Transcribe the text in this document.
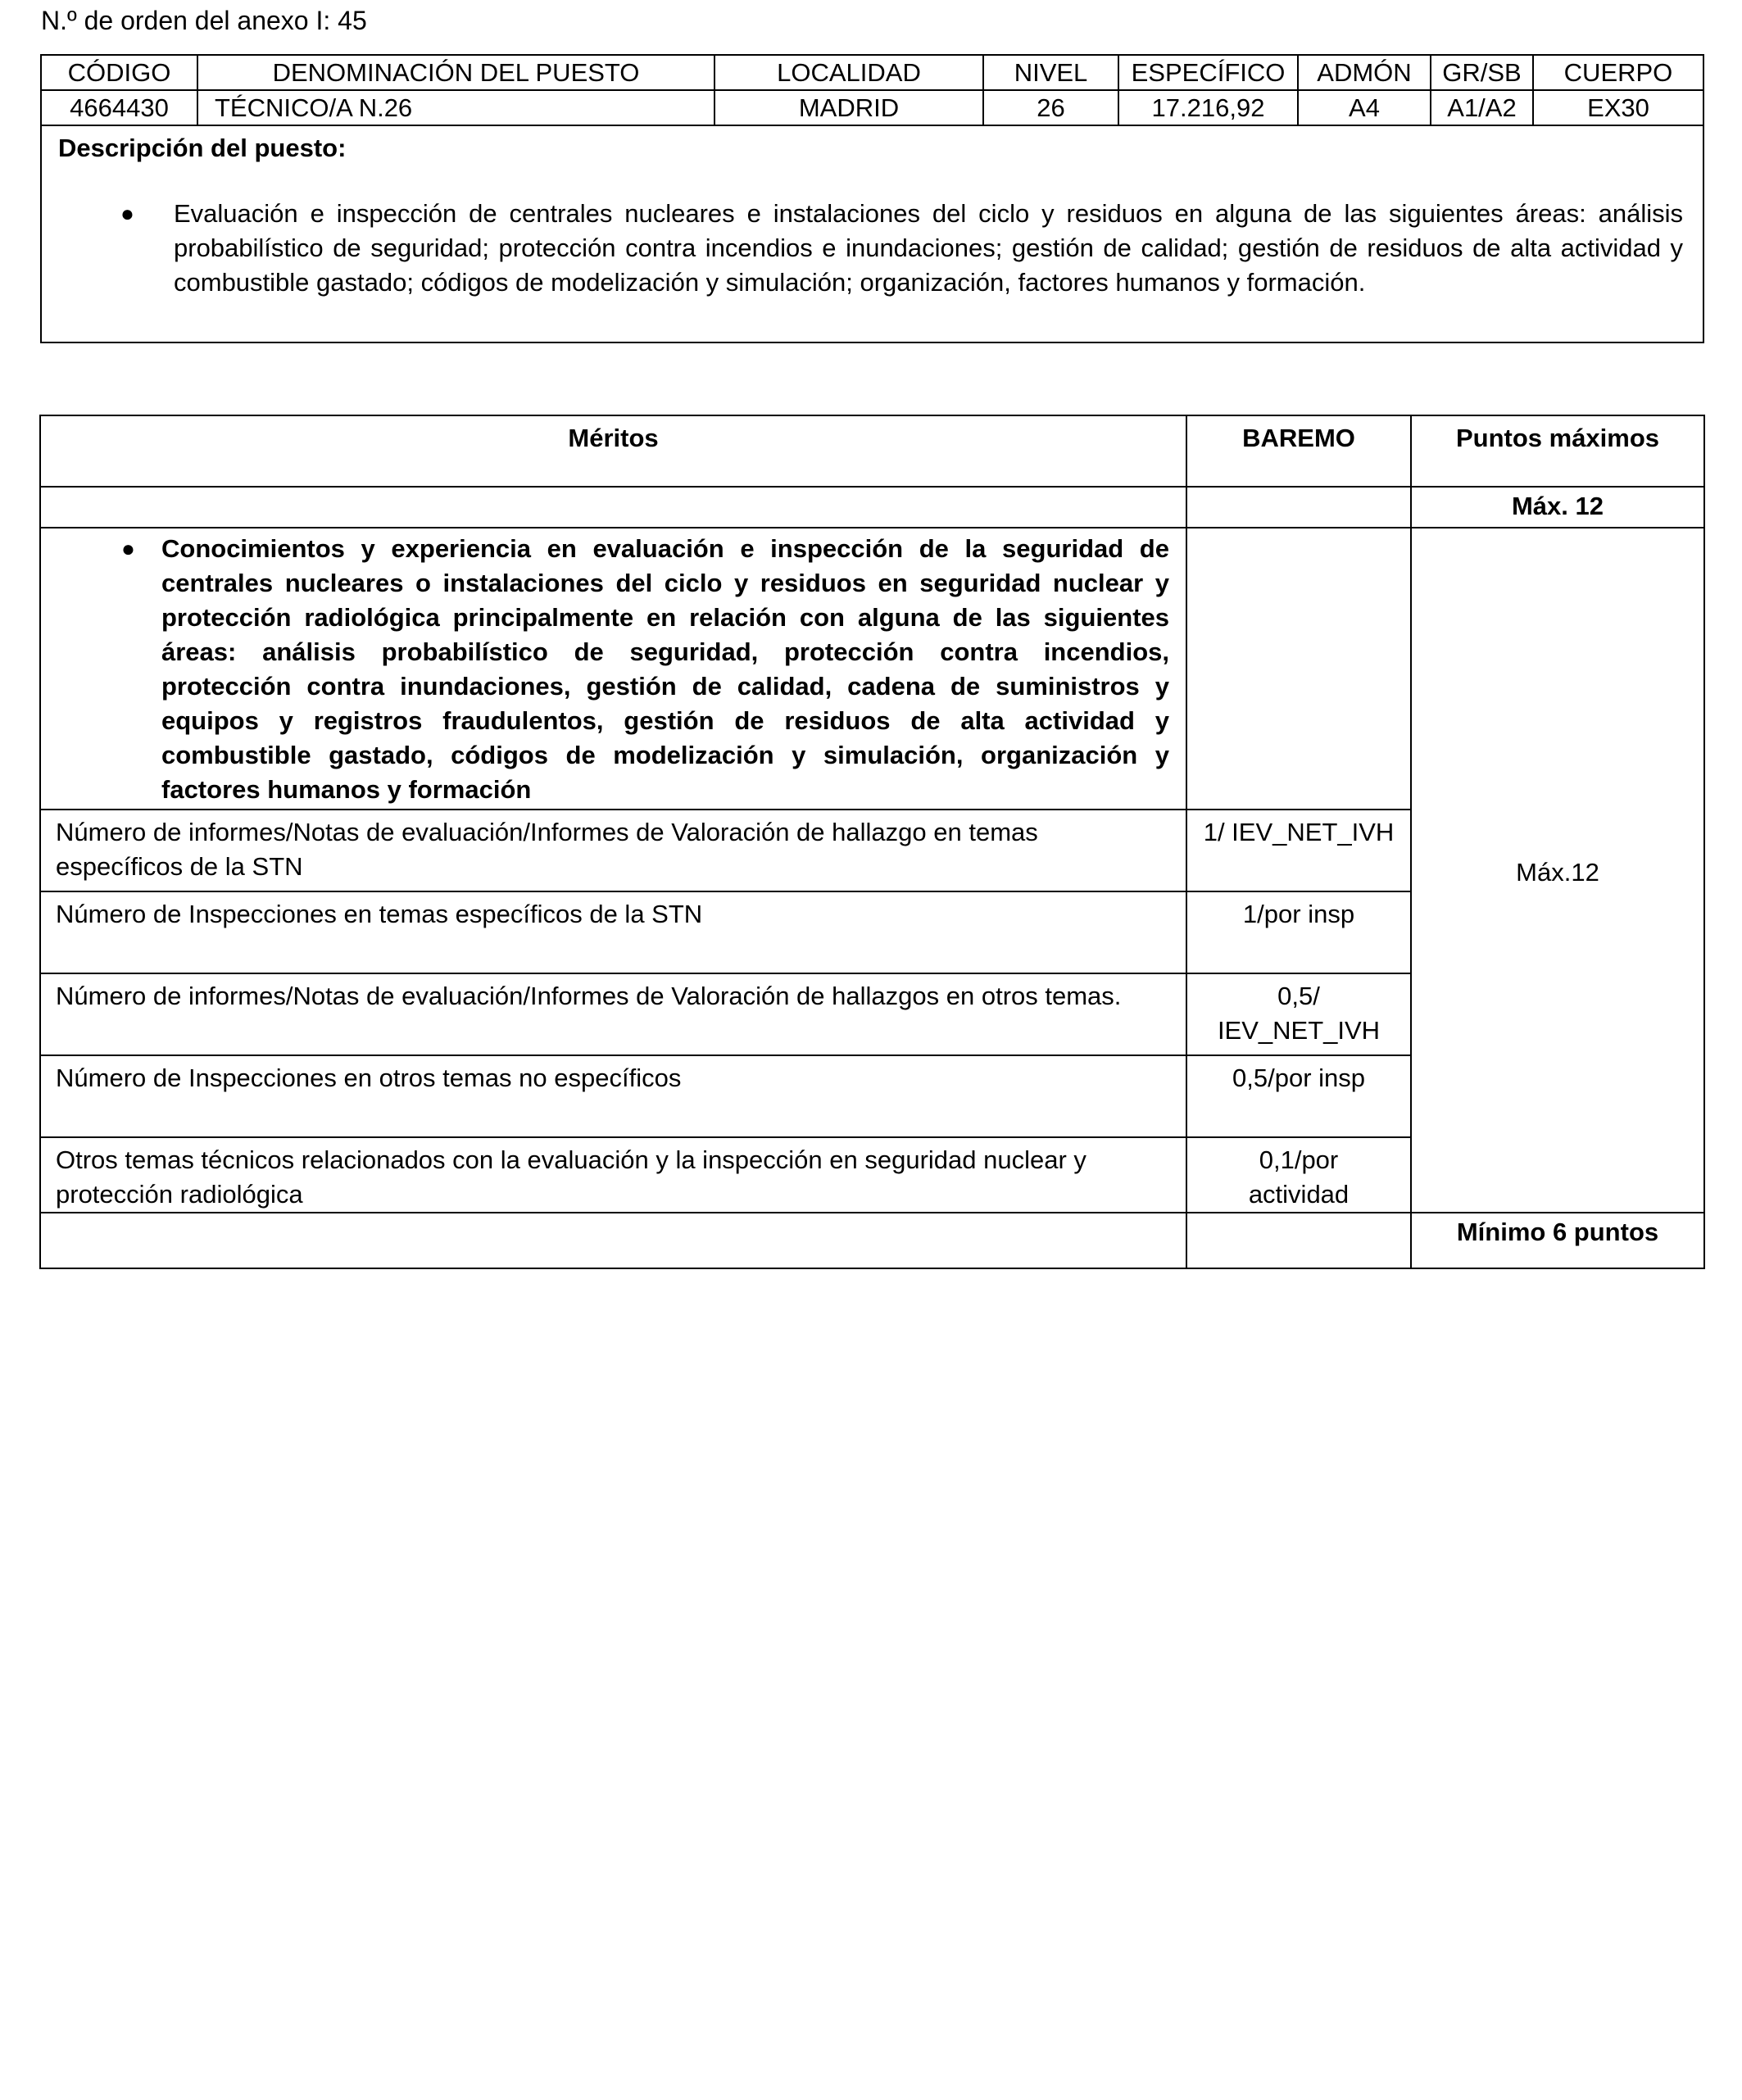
N.º de orden del anexo I: 45
CÓDIGO	DENOMINACIÓN DEL PUESTO	LOCALIDAD	NIVEL	ESPECÍFICO	ADMÓN	GR/SB	CUERPO
4664430	TÉCNICO/A N.26	MADRID	26	17.216,92	A4	A1/A2	EX30

Descripción del puesto:
● Evaluación e inspección de centrales nucleares e instalaciones del ciclo y residuos en alguna de las siguientes áreas: análisis probabilístico de seguridad; protección contra incendios e inundaciones; gestión de calidad; gestión de residuos de alta actividad y combustible gastado; códigos de modelización y simulación; organización, factores humanos y formación.							
Méritos	BAREMO	Puntos máximos
		Máx. 12

● Conocimientos y experiencia en evaluación e inspección de la seguridad de centrales nucleares o instalaciones del ciclo y residuos en seguridad nuclear y protección radiológica principalmente en relación con alguna de las siguientes áreas: análisis probabilístico de seguridad, protección contra incendios, protección contra inundaciones, gestión de calidad, cadena de suministros y equipos y registros fraudulentos, gestión de residuos de alta actividad y combustible gastado, códigos de modelización y simulación, organización y factores humanos y formación		Máx.12
Número de informes/Notas de evaluación/Informes de Valoración de hallazgo en temas específicos de la STN	1/ IEV_NET_IVH	
Número de Inspecciones en temas específicos de la STN	1/por insp	
Número de informes/Notas de evaluación/Informes de Valoración de hallazgos en otros temas.	0,5/ IEV_NET_IVH	
Número de Inspecciones en otros temas no específicos	0,5/por insp	
Otros temas técnicos relacionados con la evaluación y la inspección en seguridad nuclear y protección radiológica	0,1/por actividad	
		Mínimo 6 puntos
